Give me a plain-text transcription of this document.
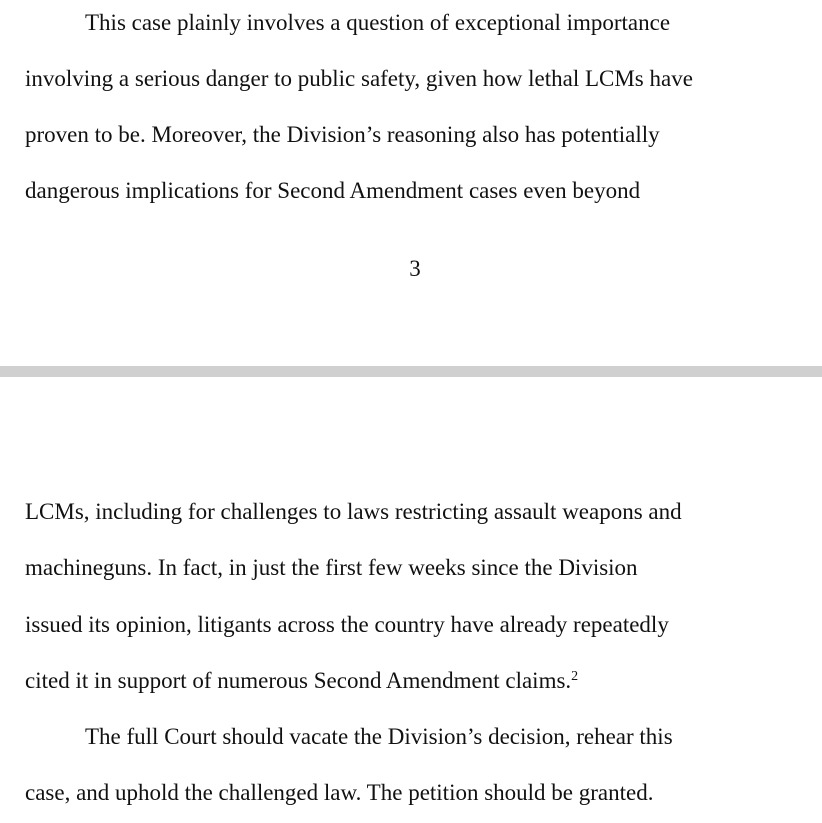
This case plainly involves a question of exceptional importance
involving a serious danger to public safety, given how lethal LCMs have
proven to be. Moreover, the Division’s reasoning also has potentially
dangerous implications for Second Amendment cases even beyond
3
LCMs, including for challenges to laws restricting assault weapons and
machineguns. In fact, in just the first few weeks since the Division
issued its opinion, litigants across the country have already repeatedly
cited it in support of numerous Second Amendment claims.$^2$
The full Court should vacate the Division’s decision, rehear this
case, and uphold the challenged law. The petition should be granted.
